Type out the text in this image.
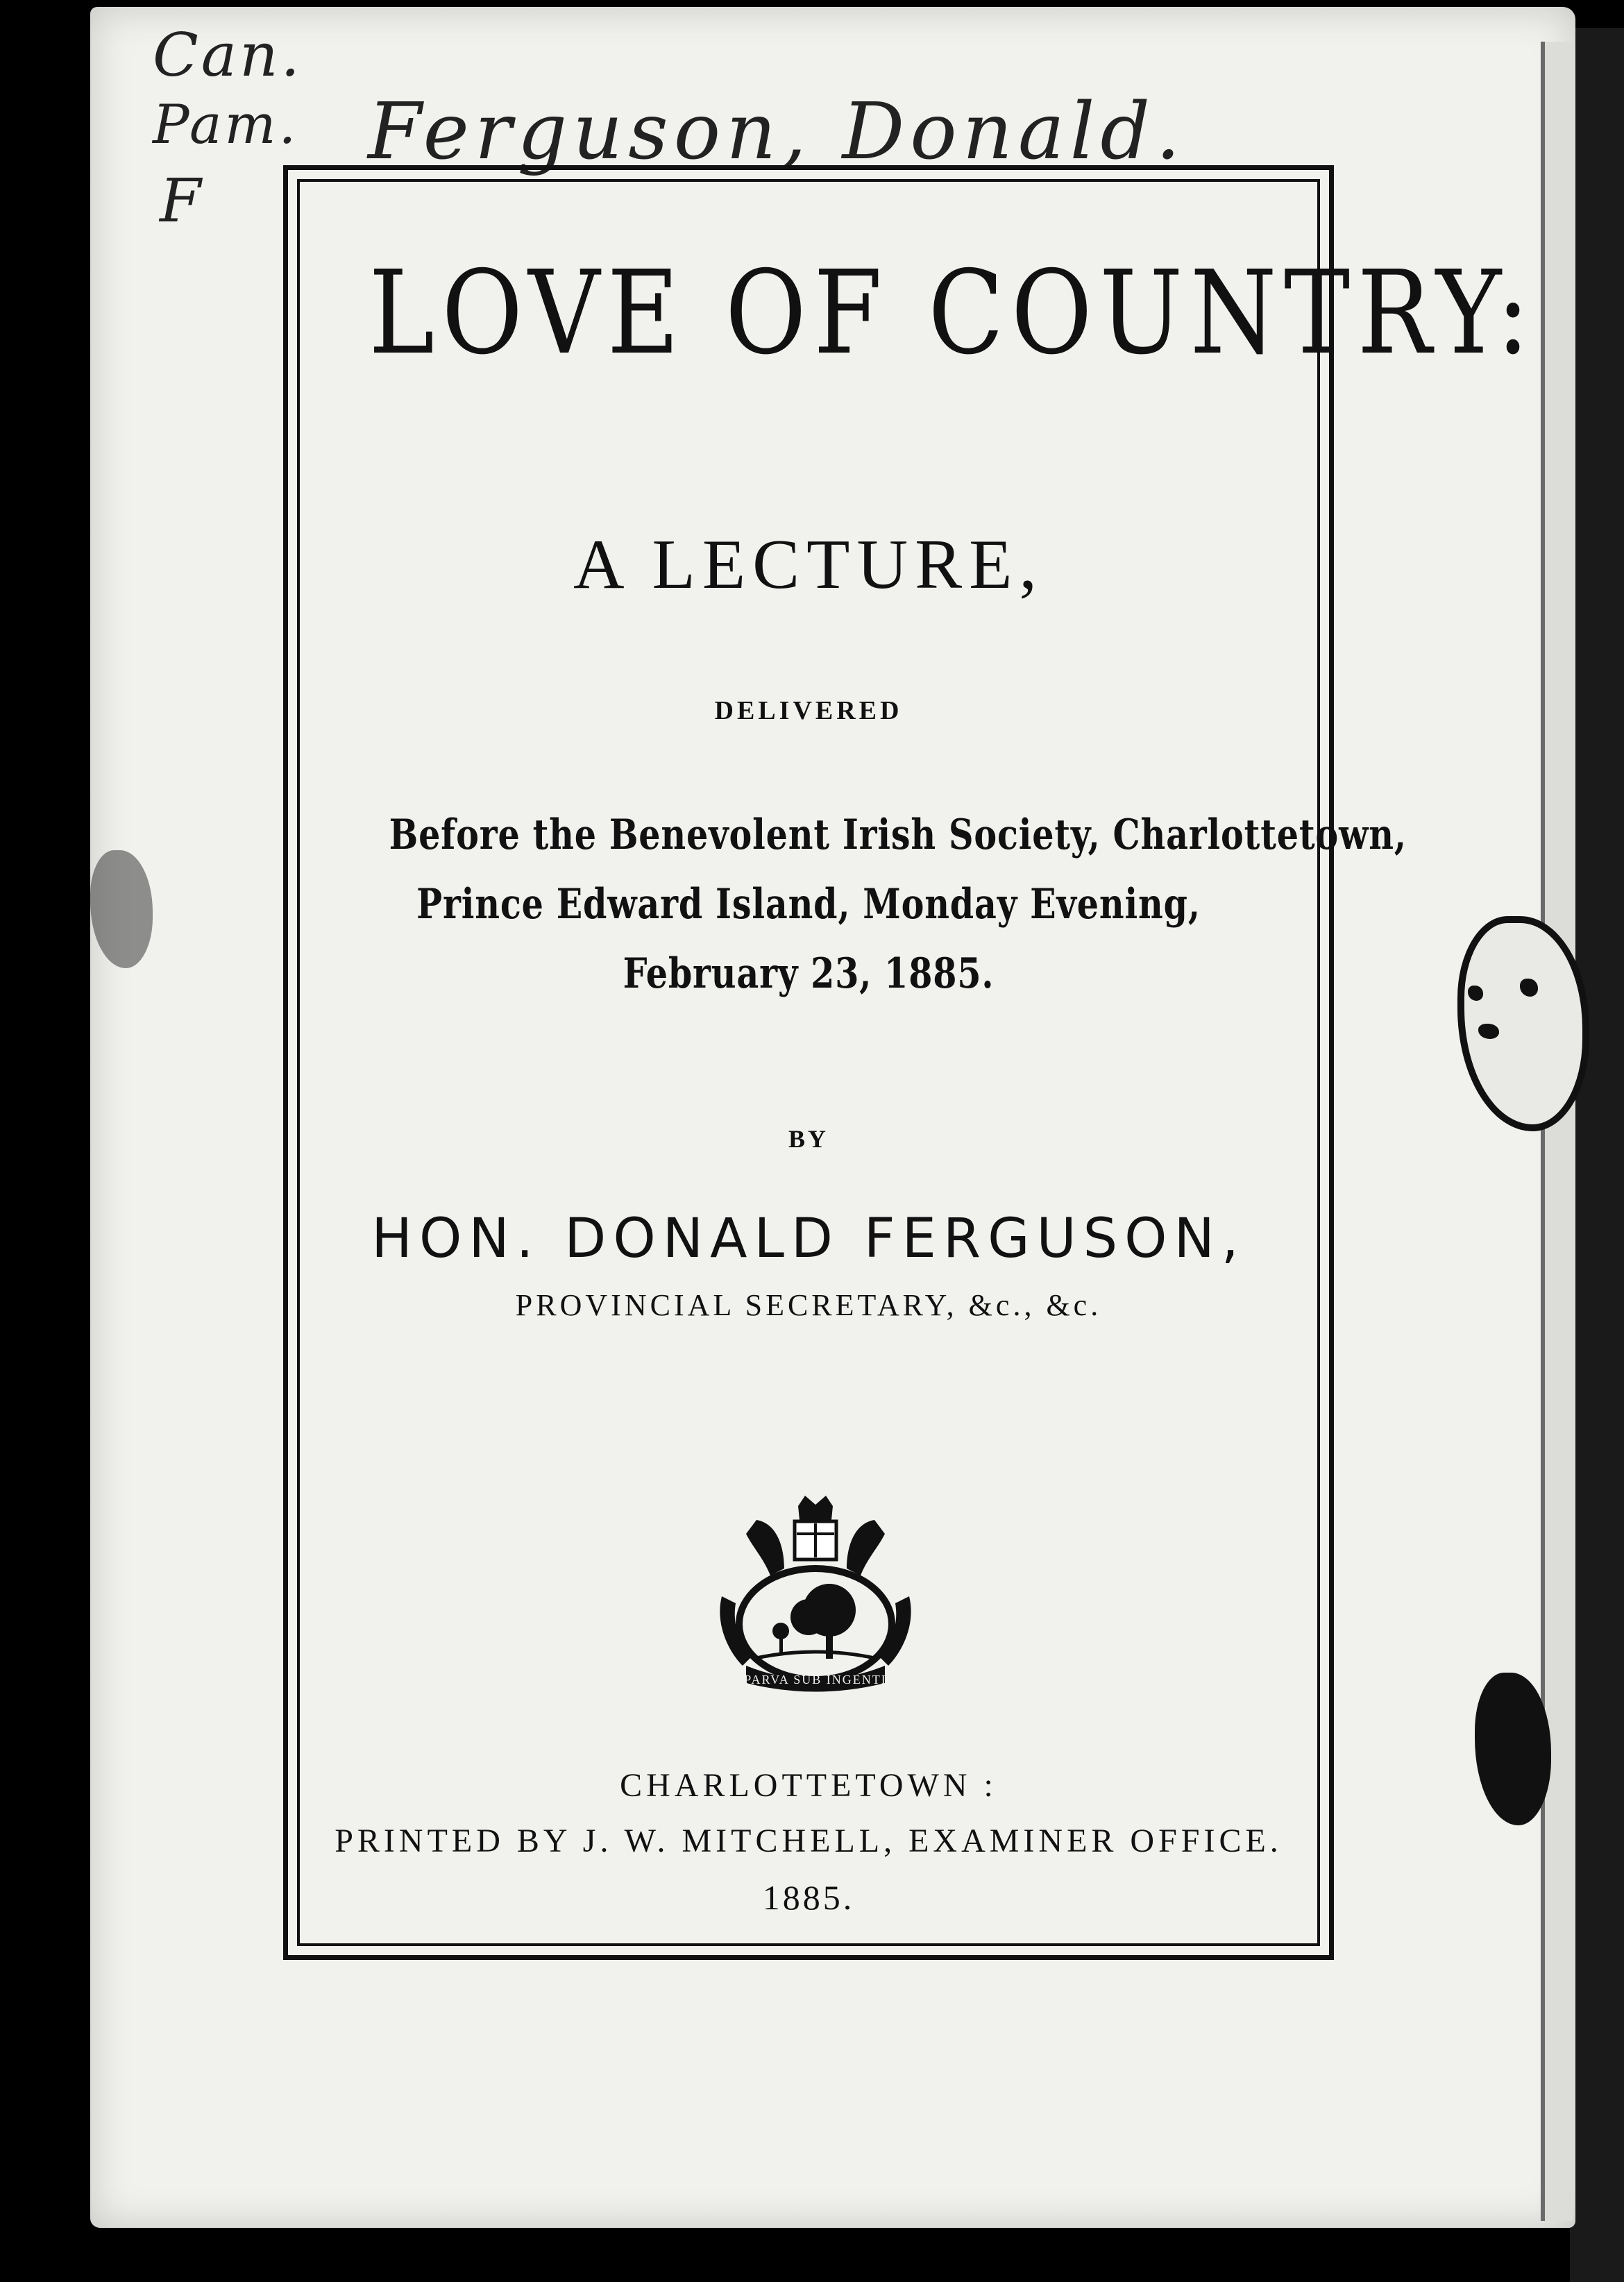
Can.
Pam.
F
Ferguson, Donald.
LOVE OF COUNTRY:
A LECTURE,
DELIVERED
Before the Benevolent Irish Society, Charlottetown,
Prince Edward Island, Monday Evening,
February 23, 1885.
BY
HON. DONALD FERGUSON,
PROVINCIAL SECRETARY, &c., &c.
PARVA SUB INGENTI
CHARLOTTETOWN :
PRINTED BY J. W. MITCHELL, EXAMINER OFFICE.
1885.
